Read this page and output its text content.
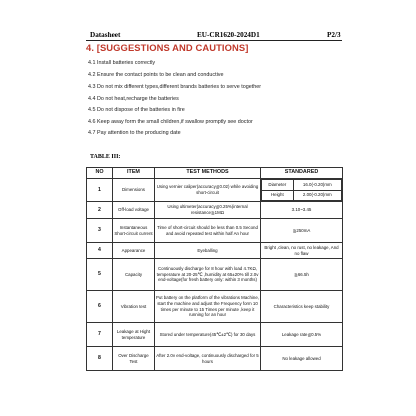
Datasheet	EU-CR1620-2024D1	P2/3
4. [SUGGESTIONS AND CAUTIONS]
4.1 Install batteries correctly
4.2 Ensure the contact points to be clean and conductive
4.3 Do not mix different types,different brands batteries to serve together
4.4 Do not heat,recharge the batteries
4.5 Do not dispose of the batteries in fire
4.6 Keep away form the small children,if swallow promptly see doctor
4.7 Pay attention to the producing date
TABLE III:
NO	ITEM	TEST METHODS	STANDARED
1	Dimensions	Using vernier caliper(accuracy≦0.02) while avoiding short-circuit	
Diameter	16.0(-0.20)mm
Height	2.00(-0.20)mm

2	Off-load voltage	Using ultimeter(accuracy≦0.25%)internal resistance≧1MΩ	3.10~3.45
3	Instantaneous Short-circuit current	Time of short-circuit should be less than 0.5 Second and avoid repeated test within half An hour	≧250mA
4	Appearance	Eyeballing	Bright ,clean, no rust, no leakage, And no flaw
5	Capacity	Continuously discharge for 8 hour with load 4.7KΩ, temperature at 20-25℃ ,humidity at 65±20% till 2.0v end-voltage(for fresh battery only: within 3 months)	≧66.5h
6	Vibration test	Put battery on the platform of the vibrations Machine, start the machine and adjust the Frequency form 10 times per minute to 15 Times per minute ,keep it running for an hour	Characteristics keep stability
7	Leakage at Hight temperature	Stored under temperature(45℃±2℃) for 30 days	Leakage rate≦0.5%
8	Over Discharge Test	After 2.0v end-voltage, continuously discharged for 5 hours	No leakage allowed
